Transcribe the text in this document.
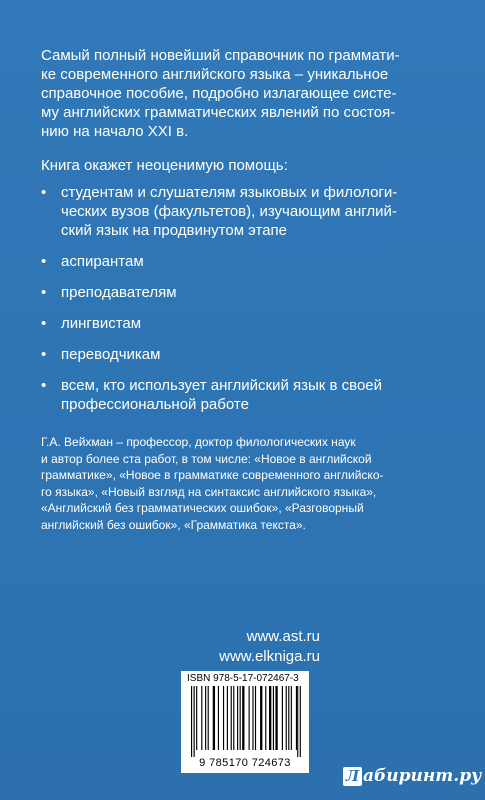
Самый полный новейший справочник по граммати-
ке современного английского языка – уникальное
справочное пособие, подробно излагающее систе-
му английских грамматических явлений по состоя-
нию на начало XXI в.

Книга окажет неоценимую помощь:

• студентам и слушателям языковых и филологи-
ческих вузов (факультетов), изучающим англий-
ский язык на продвинутом этапе
• аспирантам
• преподавателям
• лингвистам
• переводчикам
• всем, кто использует английский язык в своей
профессиональной работе

Г.А. Вейхман – профессор, доктор филологических наук
и автор более ста работ, в том числе: «Новое в английской
грамматике», «Новое в грамматике современного английско-
го языка», «Новый взгляд на синтаксис английского языка»,
«Английский без грамматических ошибок», «Разговорный
английский без ошибок», «Грамматика текста».

www.ast.ru
www.elkniga.ru
ISBN 978-5-17-072467-3
9 785170 724673
Л абиринт.ру
